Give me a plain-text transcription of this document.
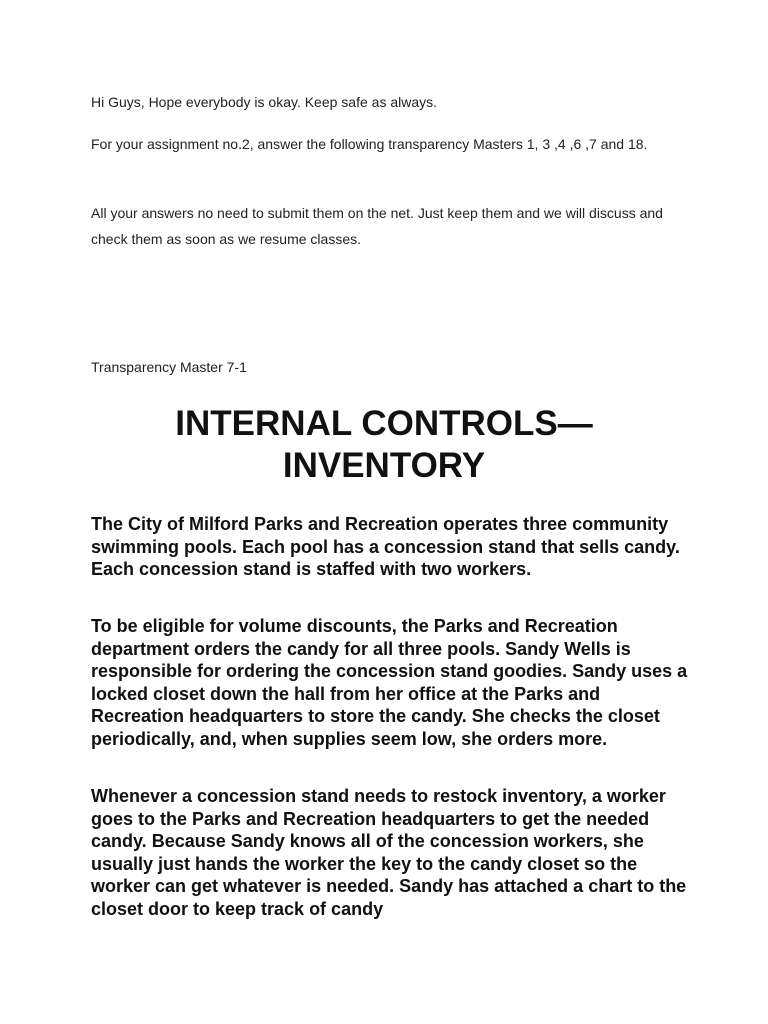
Hi Guys, Hope everybody is okay. Keep safe as always.

For your assignment no.2, answer the following transparency Masters 1, 3 ,4 ,6 ,7 and 18.

All your answers no need to submit them on the net. Just keep them and we will discuss and check them as soon as we resume classes.

Transparency Master 7-1

INTERNAL CONTROLS—
INVENTORY

The City of Milford Parks and Recreation operates three community swimming pools. Each pool has a concession stand that sells candy. Each concession stand is staffed with two workers.

To be eligible for volume discounts, the Parks and Recreation department orders the candy for all three pools. Sandy Wells is responsible for ordering the concession stand goodies. Sandy uses a locked closet down the hall from her office at the Parks and Recreation headquarters to store the candy. She checks the closet periodically, and, when supplies seem low, she orders more.

Whenever a concession stand needs to restock inventory, a worker goes to the Parks and Recreation headquarters to get the needed candy. Because Sandy knows all of the concession workers, she usually just hands the worker the key to the candy closet so the worker can get whatever is needed. Sandy has attached a chart to the closet door to keep track of candy
